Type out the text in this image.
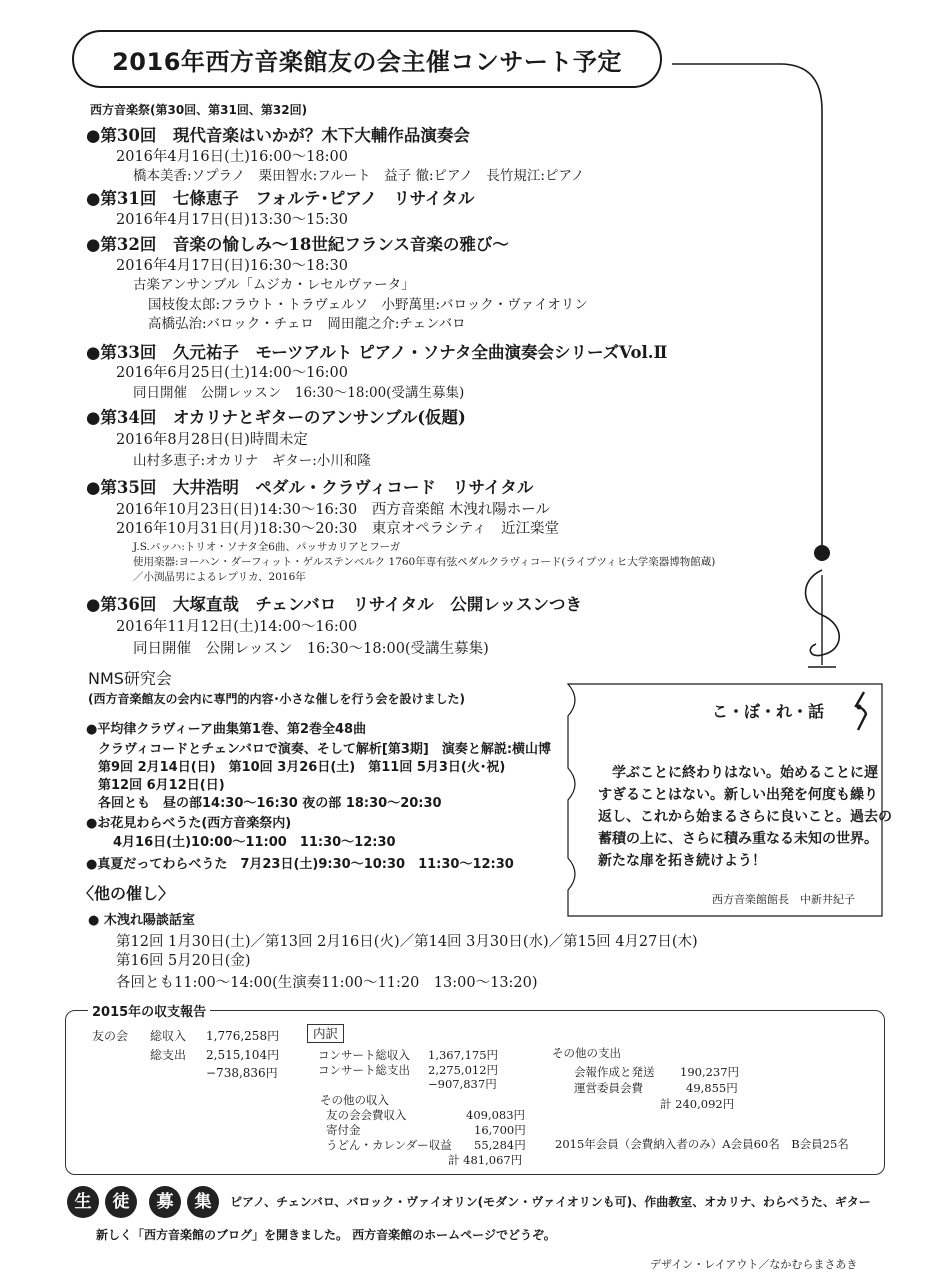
2016年西方音楽館友の会主催コンサート予定
西方音楽祭(第30回、第31回、第32回)
●第30回　現代音楽はいかが？木下大輔作品演奏会
2016年4月16日(土)16:00〜18:00
橋本美香:ソプラノ　栗田智水:フルート　益子 徹:ピアノ　長竹規江:ピアノ
●第31回　七條恵子　フォルテ･ピアノ　リサイタル
2016年4月17日(日)13:30〜15:30
●第32回　音楽の愉しみ〜18世紀フランス音楽の雅び〜
2016年4月17日(日)16:30〜18:30
古楽アンサンブル「ムジカ・レセルヴァータ」
国枝俊太郎:フラウト・トラヴェルソ　小野萬里:バロック・ヴァイオリン
高橋弘治:バロック・チェロ　岡田龍之介:チェンバロ
●第33回　久元祐子　モーツアルト ピアノ・ソナタ全曲演奏会シリーズVol.Ⅱ
2016年6月25日(土)14:00〜16:00
同日開催　公開レッスン　16:30〜18:00(受講生募集)
●第34回　オカリナとギターのアンサンブル(仮題)
2016年8月28日(日)時間未定
山村多恵子:オカリナ　ギター:小川和隆
●第35回　大井浩明　ペダル・クラヴィコード　リサイタル
2016年10月23日(日)14:30〜16:30　西方音楽館 木洩れ陽ホール
2016年10月31日(月)18:30〜20:30　東京オペラシティ　近江楽堂
J.S.バッハ:トリオ・ソナタ全6曲、パッサカリアとフーガ
使用楽器:ヨーハン・ダーフィット・ゲルステンベルク 1760年専有弦ペダルクラヴィコード(ライプツィヒ大学楽器博物館蔵)
／小渕晶男によるレプリカ、2016年
●第36回　大塚直哉　チェンバロ　リサイタル　公開レッスンつき
2016年11月12日(土)14:00〜16:00
同日開催　公開レッスン　16:30〜18:00(受講生募集)
NMS研究会
(西方音楽館友の会内に専門的内容･小さな催しを行う会を設けました)
●平均律クラヴィーア曲集第1巻、第2巻全48曲
クラヴィコードとチェンバロで演奏、そして解析[第3期]　演奏と解説:横山博
第9回 2月14日(日)　第10回 3月26日(土)　第11回 5月3日(火･祝)
第12回 6月12日(日)
各回とも　昼の部14:30〜16:30 夜の部 18:30〜20:30
●お花見わらべうた(西方音楽祭内)
4月16日(土)10:00〜11:00　11:30〜12:30
●真夏だってわらべうた　7月23日(土)9:30〜10:30　11:30〜12:30
こ・ぼ・れ・話
学ぶことに終わりはない。始めることに遅
すぎることはない。新しい出発を何度も繰り
返し、これから始まるさらに良いこと。過去の
蓄積の上に、さらに積み重なる未知の世界。
新たな扉を拓き続けよう！
西方音楽館館長　中新井紀子
〈他の催し〉
● 木洩れ陽談話室
第12回 1月30日(土)／第13回 2月16日(火)／第14回 3月30日(水)／第15回 4月27日(木)
第16回 5月20日(金)
各回とも11:00〜14:00(生演奏11:00〜11:20　13:00〜13:20)
2015年の収支報告
友の会 総収入 1,776,258円
総支出 2,515,104円
−738,836円
内訳
コンサート総収入 1,367,175円
コンサート総支出 2,275,012円
−907,837円
その他の収入
友の会会費収入	409,083円
寄付金	16,700円
うどん・カレンダー収益 55,284円
計 481,067円
その他の支出
会報作成と発送 190,237円
運営委員会費	49,855円
計 240,092円
2015年会員（会費納入者のみ）A会員60名　B会員25名
生	徒	募	集	ピアノ、チェンバロ、バロック・ヴァイオリン(モダン・ヴァイオリンも可)、作曲教室、オカリナ、わらべうた、ギター
新しく「西方音楽館のブログ」を開きました。 西方音楽館のホームページでどうぞ。
デザイン・レイアウト／なかむらまさあき
